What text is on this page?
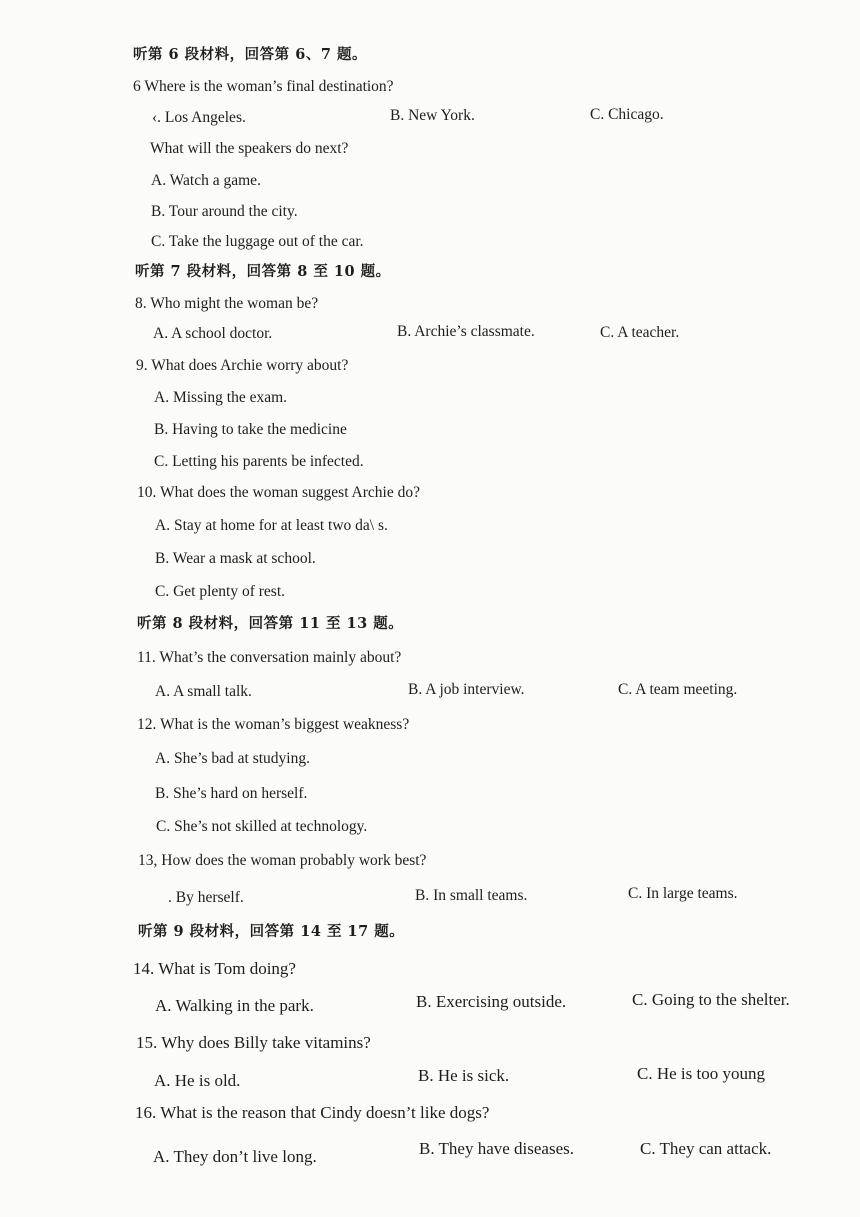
听第 6 段材料，回答第 6、7 题。
6 Where is the woman’s final destination?
‹. Los Angeles.	B. New York.	C. Chicago.
What will the speakers do next?
A. Watch a game.
B. Tour around the city.
C. Take the luggage out of the car.
听第 7 段材料，回答第 8 至 10 题。
8. Who might the woman be?
A. A school doctor.	B. Archie’s classmate.	C. A teacher.
9. What does Archie worry about?
A. Missing the exam.
B. Having to take the medicine
C. Letting his parents be infected.
10. What does the woman suggest Archie do?
A. Stay at home for at least two da\ s.
B. Wear a mask at school.
C. Get plenty of rest.
听第 8 段材料，回答第 11 至 13 题。
11. What’s the conversation mainly about?
A. A small talk.	B. A job interview.	C. A team meeting.
12. What is the woman’s biggest weakness?
A. She’s bad at studying.
B. She’s hard on herself.
C. She’s not skilled at technology.
13, How does the woman probably work best?
. By herself.	B. In small teams.	C. In large teams.
听第 9 段材料，回答第 14 至 17 题。
14. What is Tom doing?
A. Walking in the park.	B. Exercising outside.	C. Going to the shelter.
15. Why does Billy take vitamins?
A. He is old.	B. He is sick.	C. He is too young
16. What is the reason that Cindy doesn’t like dogs?
A. They don’t live long.	B. They have diseases.	C. They can attack.
